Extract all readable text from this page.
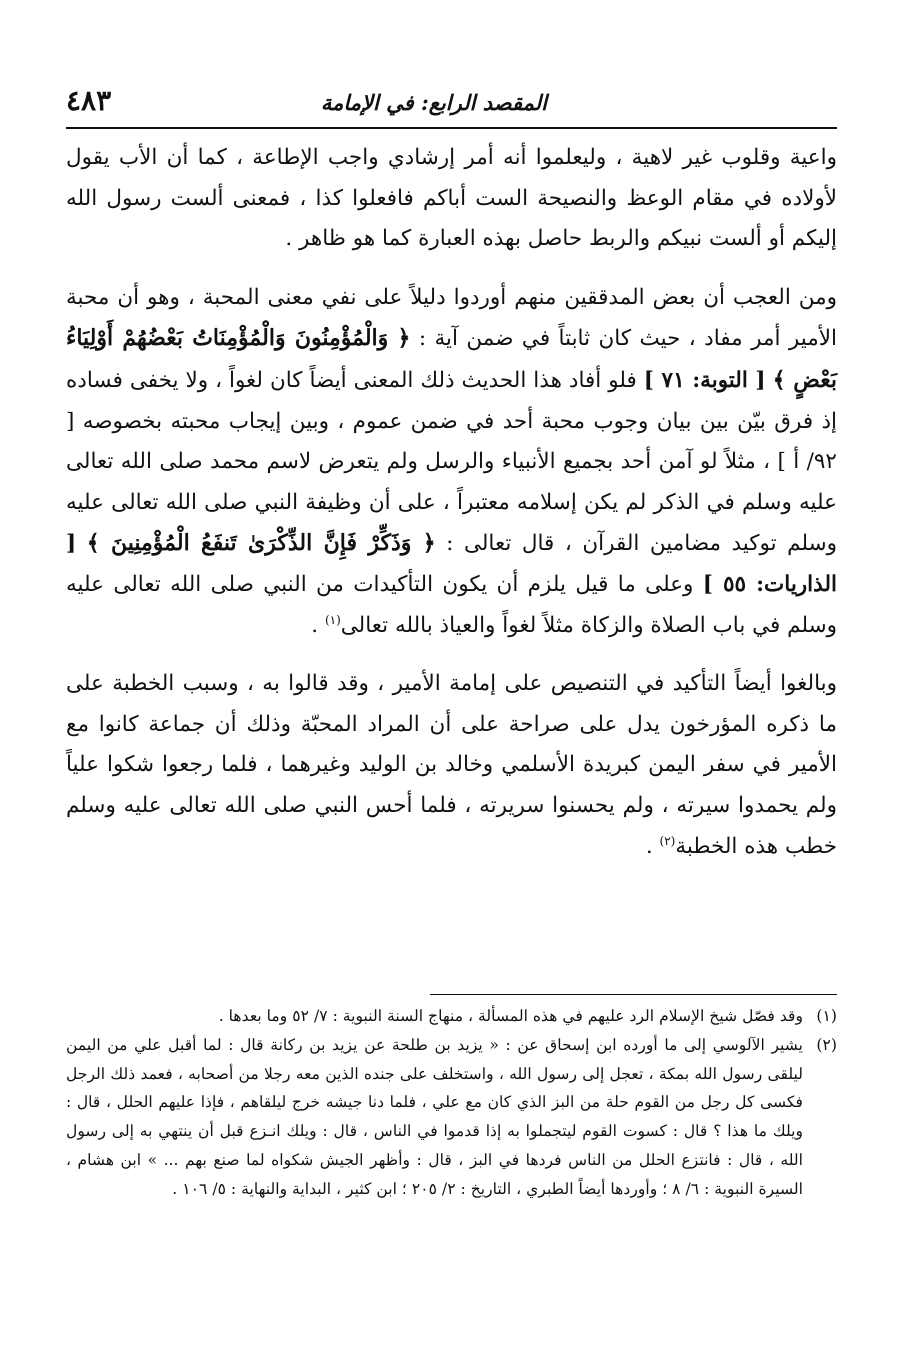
المقصد الرابع: في الإمامة
٤٨٣

واعية وقلوب غير لاهية ، وليعلموا أنه أمر إرشادي واجب الإطاعة ، كما أن الأب يقول لأولاده في مقام الوعظ والنصيحة الست أباكم فافعلوا كذا ، فمعنى ألست رسول الله إليكم أو ألست نبيكم والربط حاصل بهذه العبارة كما هو ظاهر .

ومن العجب أن بعض المدققين منهم أوردوا دليلاً على نفي معنى المحبة ، وهو أن محبة الأمير أمر مفاد ، حيث كان ثابتاً في ضمن آية : ﴿ وَالْمُؤْمِنُونَ وَالْمُؤْمِنَاتُ بَعْضُهُمْ أَوْلِيَاءُ بَعْضٍ ﴾ [ التوبة: ٧١ ] فلو أفاد هذا الحديث ذلك المعنى أيضاً كان لغواً ، ولا يخفى فساده إذ فرق بيّن بين بيان وجوب محبة أحد في ضمن عموم ، وبين إيجاب محبته بخصوصه [ ٩٢/ أ ] ، مثلاً لو آمن أحد بجميع الأنبياء والرسل ولم يتعرض لاسم محمد صلى الله تعالى عليه وسلم في الذكر لم يكن إسلامه معتبراً ، على أن وظيفة النبي صلى الله تعالى عليه وسلم توكيد مضامين القرآن ، قال تعالى : ﴿ وَذَكِّرْ فَإِنَّ الذِّكْرَىٰ تَنفَعُ الْمُؤْمِنِينَ ﴾ [ الذاريات: ٥٥ ] وعلى ما قيل يلزم أن يكون التأكيدات من النبي صلى الله تعالى عليه وسلم في باب الصلاة والزكاة مثلاً لغواً والعياذ بالله تعالى$^{(١)}$ .

وبالغوا أيضاً التأكيد في التنصيص على إمامة الأمير ، وقد قالوا به ، وسبب الخطبة على ما ذكره المؤرخون يدل على صراحة على أن المراد المحبّة وذلك أن جماعة كانوا مع الأمير في سفر اليمن كبريدة الأسلمي وخالد بن الوليد وغيرهما ، فلما رجعوا شكوا علياً ولم يحمدوا سيرته ، ولم يحسنوا سريرته ، فلما أحس النبي صلى الله تعالى عليه وسلم خطب هذه الخطبة$^{(٢)}$ .

(١)
وقد فصّل شيخ الإسلام الرد عليهم في هذه المسألة ، منهاج السنة النبوية : ٧/ ٥٢ وما بعدها .

(٢)
يشير الآلوسي إلى ما أورده ابن إسحاق عن : « يزيد بن طلحة عن يزيد بن ركانة قال : لما أقبل علي من اليمن ليلقى رسول الله بمكة ، تعجل إلى رسول الله ، واستخلف على جنده الذين معه رجلا من أصحابه ، فعمد ذلك الرجل فكسى كل رجل من القوم حلة من البز الذي كان مع علي ، فلما دنا جيشه خرج ليلقاهم ، فإذا عليهم الحلل ، قال : ويلك ما هذا ؟ قال : كسوت القوم ليتجملوا به إذا قدموا في الناس ، قال : ويلك انـزع قبل أن ينتهي به إلى رسول الله ، قال : فانتزع الحلل من الناس فردها في البز ، قال : وأظهر الجيش شكواه لما صنع بهم ... » ابن هشام ، السيرة النبوية : ٦/ ٨ ؛ وأوردها أيضاً الطبري ، التاريخ : ٢/ ٢٠٥ ؛ ابن كثير ، البداية والنهاية : ٥/ ١٠٦ .
